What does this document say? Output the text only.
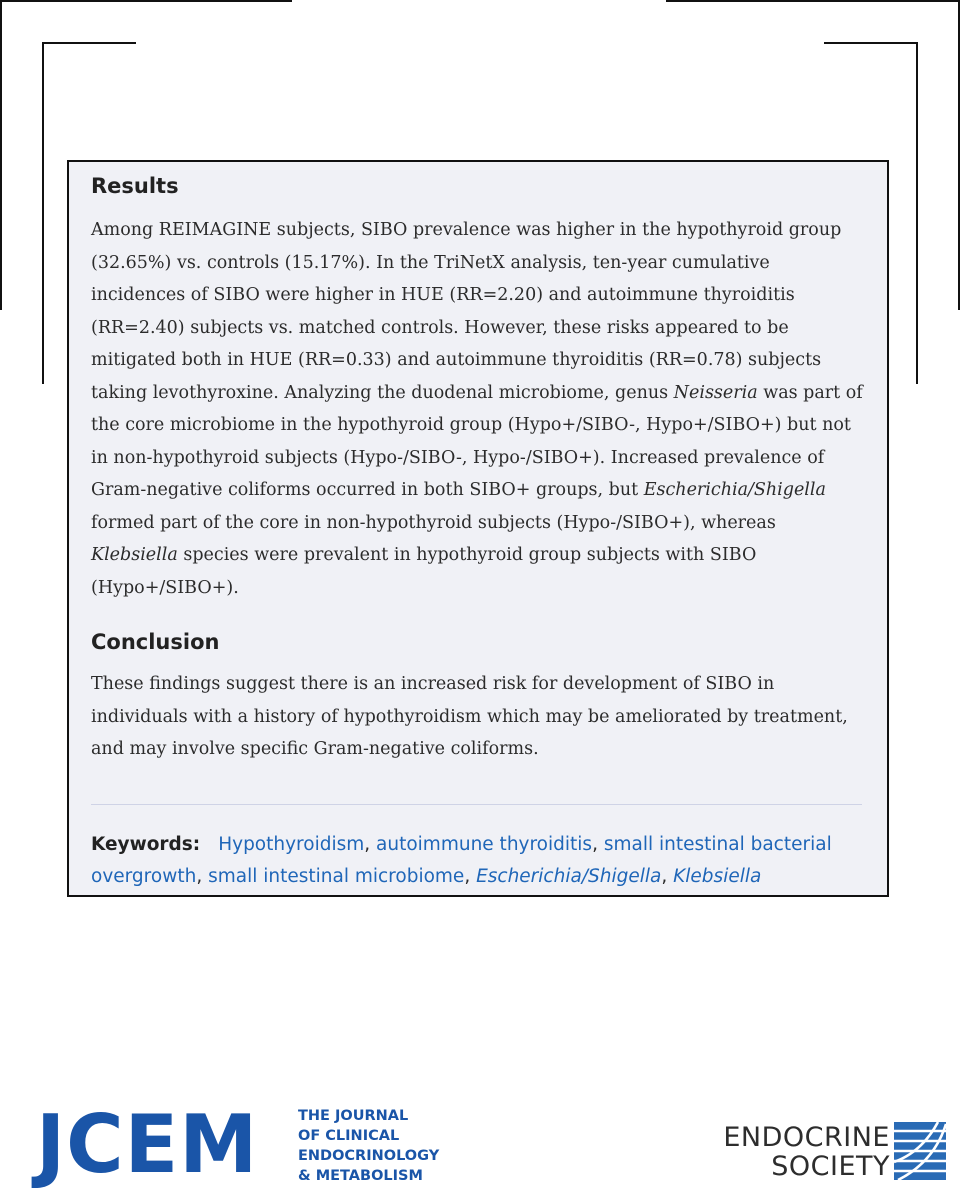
Results

Among REIMAGINE subjects, SIBO prevalence was higher in the hypothyroid group (32.65%) vs. controls (15.17%). In the TriNetX analysis, ten-year cumulative incidences of SIBO were higher in HUE (RR=2.20) and autoimmune thyroiditis (RR=2.40) subjects vs. matched controls. However, these risks appeared to be mitigated both in HUE (RR=0.33) and autoimmune thyroiditis (RR=0.78) subjects taking levothyroxine. Analyzing the duodenal microbiome, genus Neisseria was part of the core microbiome in the hypothyroid group (Hypo+/SIBO-, Hypo+/SIBO+) but not in non-hypothyroid subjects (Hypo-/SIBO-, Hypo-/SIBO+). Increased prevalence of Gram-negative coliforms occurred in both SIBO+ groups, but Escherichia/Shigella formed part of the core in non-hypothyroid subjects (Hypo-/SIBO+), whereas Klebsiella species were prevalent in hypothyroid group subjects with SIBO (Hypo+/SIBO+).

Conclusion

These findings suggest there is an increased risk for development of SIBO in individuals with a history of hypothyroidism which may be ameliorated by treatment, and may involve specific Gram-negative coliforms.

Keywords: Hypothyroidism, autoimmune thyroiditis, small intestinal bacterial overgrowth, small intestinal microbiome, Escherichia/Shigella, Klebsiella
JCEM	THE JOURNAL
OF CLINICAL
ENDOCRINOLOGY
& METABOLISM
ENDOCRINE
SOCIETY
